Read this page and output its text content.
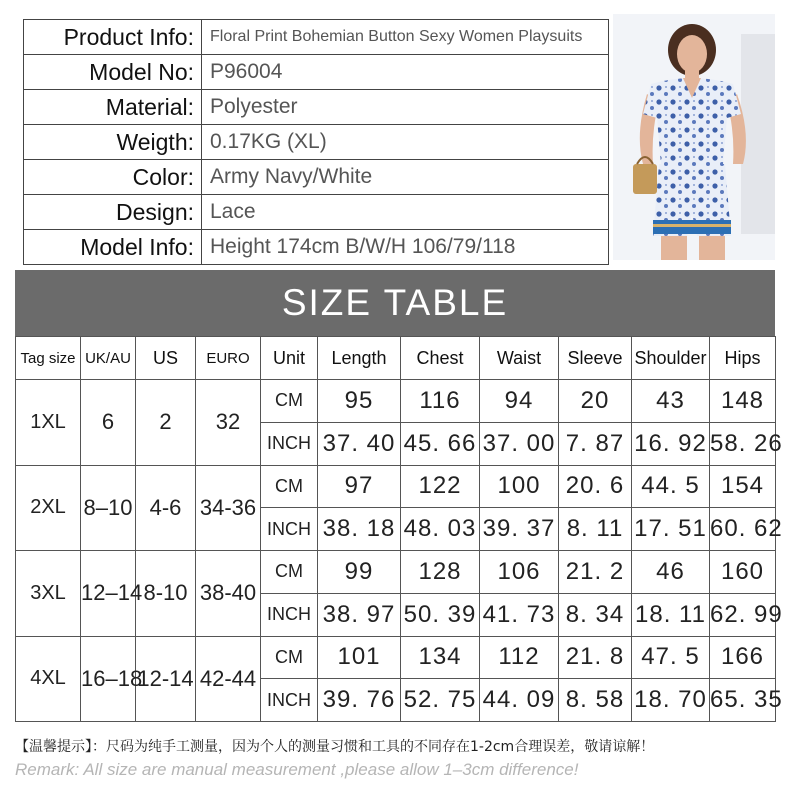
Product Info:	Floral Print Bohemian Button Sexy Women Playsuits
Model No:	P96004
Material:	Polyester
Weigth:	0.17KG (XL)
Color:	Army Navy/White
Design:	Lace
Model Info:	Height 174cm B/W/H 106/79/118
SIZE TABLE
Tag size	UK/AU	US	EURO	Unit	Length	Chest	Waist	Sleeve	Shoulder	Hips
1XL	6	2	32	CM	95	116	94	20	43	148
				INCH	37. 40	45. 66	37. 00	7. 87	16. 92	58. 26
2XL	8–10	4-6	34-36	CM	97	122	100	20. 6	44. 5	154
				INCH	38. 18	48. 03	39. 37	8. 11	17. 51	60. 62
3XL	12–14	8-10	38-40	CM	99	128	106	21. 2	46	160
				INCH	38. 97	50. 39	41. 73	8. 34	18. 11	62. 99
4XL	16–18	12-14	42-44	CM	101	134	112	21. 8	47. 5	166
				INCH	39. 76	52. 75	44. 09	8. 58	18. 70	65. 35
【温馨提示】：尺码为纯手工测量，因为个人的测量习惯和工具的不同存在1-2cm合理误差，敬请谅解！
Remark: All size are manual measurement ,please allow 1–3cm difference!
